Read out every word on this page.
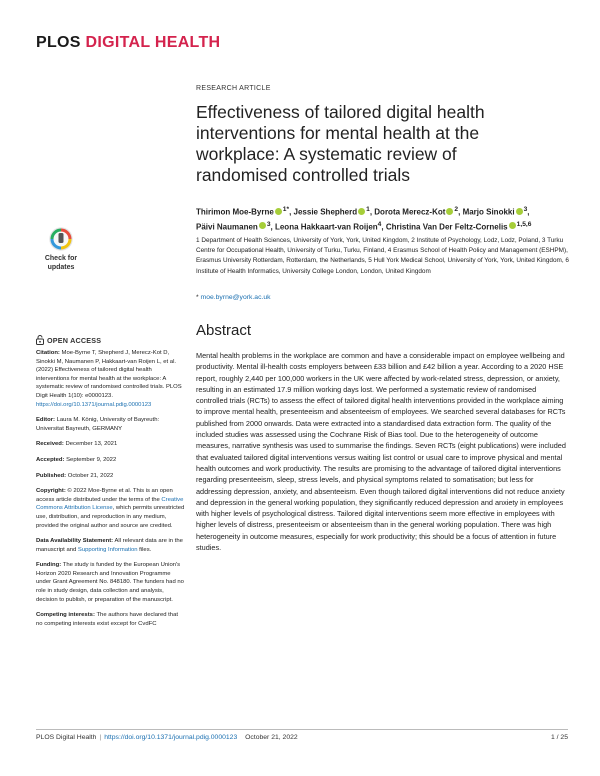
PLOS DIGITAL HEALTH
RESEARCH ARTICLE
Effectiveness of tailored digital health interventions for mental health at the workplace: A systematic review of randomised controlled trials
Thirimon Moe-Byrne $^{1*}$, Jessie Shepherd $^1$, Dorota Merecz-Kot $^2$, Marjo Sinokki $^3$,
Päivi Naumanen $^3$, Leona Hakkaart-van Roijen$^4$, Christina Van Der Feltz-Cornelis $^{1,5,6}$
1 Department of Health Sciences, University of York, York, United Kingdom, 2 Institute of Psychology, Lodz, Lodz, Poland, 3 Turku Centre for Occupational Health, University of Turku, Turku, Finland, 4 Erasmus School of Health Policy and Management (ESHPM), Erasmus University Rotterdam, Rotterdam, the Netherlands, 5 Hull York Medical School, University of York, York, United Kingdom, 6 Institute of Health Informatics, University College London, London, United Kingdom
* moe.byrne@york.ac.uk
Check for
updates
OPEN ACCESS
Citation: Moe-Byrne T, Shepherd J, Merecz-Kot D, Sinokki M, Naumanen P, Hakkaart-van Roijen L, et al. (2022) Effectiveness of tailored digital health interventions for mental health at the workplace: A systematic review of randomised controlled trials. PLOS Digit Health 1(10): e0000123. https://doi.org/10.1371/journal.pdig.0000123
Editor: Laura M. König, University of Bayreuth: Universitat Bayreuth, GERMANY
Received: December 13, 2021
Accepted: September 9, 2022
Published: October 21, 2022
Copyright: © 2022 Moe-Byrne et al. This is an open access article distributed under the terms of the Creative Commons Attribution License, which permits unrestricted use, distribution, and reproduction in any medium, provided the original author and source are credited.
Data Availability Statement: All relevant data are in the manuscript and Supporting Information files.
Funding: The study is funded by the European Union's Horizon 2020 Research and Innovation Programme under Grant Agreement No. 848180. The funders had no role in study design, data collection and analysis, decision to publish, or preparation of the manuscript.
Competing interests: The authors have declared that no competing interests exist except for CvdFC
Abstract

Mental health problems in the workplace are common and have a considerable impact on employee wellbeing and productivity. Mental ill-health costs employers between £33 billion and £42 billion a year. According to a 2020 HSE report, roughly 2,440 per 100,000 workers in the UK were affected by work-related stress, depression, or anxiety, resulting in an estimated 17.9 million working days lost. We performed a systematic review of randomised controlled trials (RCTs) to assess the effect of tailored digital health interventions provided in the workplace aiming to improve mental health, presenteeism and absenteeism of employees. We searched several databases for RCTs published from 2000 onwards. Data were extracted into a standardised data extraction form. The quality of the included studies was assessed using the Cochrane Risk of Bias tool. Due to the heterogeneity of outcome measures, narrative synthesis was used to summarise the findings. Seven RCTs (eight publications) were included that evaluated tailored digital interventions versus waiting list control or usual care to improve physical and mental health outcomes and work productivity. The results are promising to the advantage of tailored digital interventions regarding presenteeism, sleep, stress levels, and physical symptoms related to somatisation; but less for addressing depression, anxiety, and absenteeism. Even though tailored digital interventions did not reduce anxiety and depression in the general working population, they significantly reduced depression and anxiety in employees with higher levels of psychological distress. Tailored digital interventions seem more effective in employees with higher levels of distress, presenteeism or absenteeism than in the general working population. There was high heterogeneity in outcome measures, especially for work productivity; this should be a focus of attention in future studies.

PLOS Digital Health | https://doi.org/10.1371/journal.pdig.0000123 October 21, 2022	1 / 25
